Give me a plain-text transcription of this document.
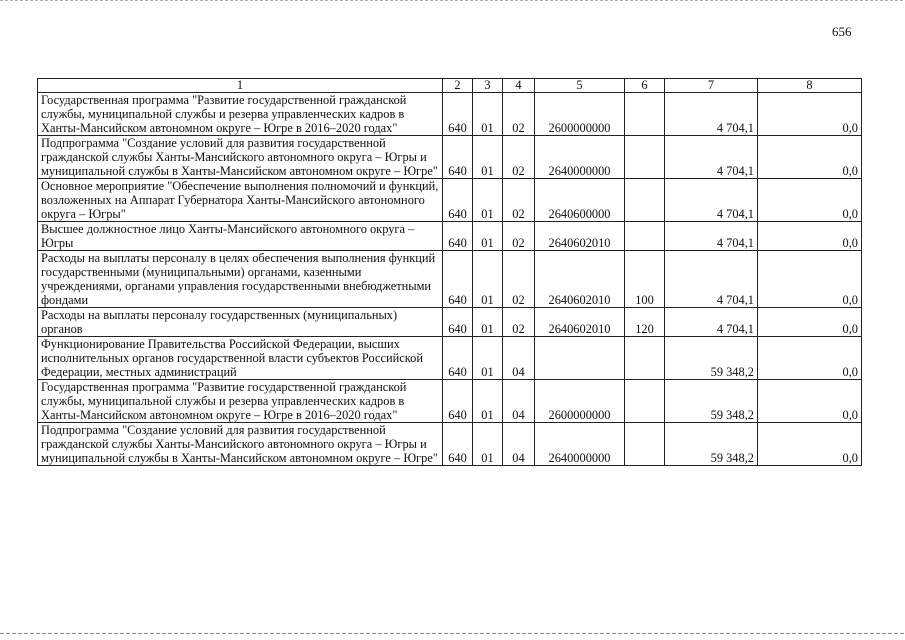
656
1	2	3	4	5	6	7	8
Государственная программа "Развитие государственной гражданской службы, муниципальной службы и резерва управленческих кадров в Ханты-Мансийском автономном округе – Югре в 2016–2020 годах"	640	01	02	2600000000		4 704,1	0,0
Подпрограмма "Создание условий для развития государственной гражданской службы Ханты-Мансийского автономного округа – Югры и муниципальной службы в Ханты-Мансийском автономном округе – Югре"	640	01	02	2640000000		4 704,1	0,0
Основное мероприятие "Обеспечение выполнения полномочий и функций, возложенных на Аппарат Губернатора Ханты-Мансийского автономного округа – Югры"	640	01	02	2640600000		4 704,1	0,0
Высшее должностное лицо Ханты-Мансийского автономного округа – Югры	640	01	02	2640602010		4 704,1	0,0
Расходы на выплаты персоналу в целях обеспечения выполнения функций государственными (муниципальными) органами, казенными учреждениями, органами управления государственными внебюджетными фондами	640	01	02	2640602010	100	4 704,1	0,0
Расходы на выплаты персоналу государственных (муниципальных) органов	640	01	02	2640602010	120	4 704,1	0,0
Функционирование Правительства Российской Федерации, высших исполнительных органов государственной власти субъектов Российской Федерации, местных администраций	640	01	04			59 348,2	0,0
Государственная программа "Развитие государственной гражданской службы, муниципальной службы и резерва управленческих кадров в Ханты-Мансийском автономном округе – Югре в 2016–2020 годах"	640	01	04	2600000000		59 348,2	0,0
Подпрограмма "Создание условий для развития государственной гражданской службы Ханты-Мансийского автономного округа – Югры и муниципальной службы в Ханты-Мансийском автономном округе – Югре"	640	01	04	2640000000		59 348,2	0,0
